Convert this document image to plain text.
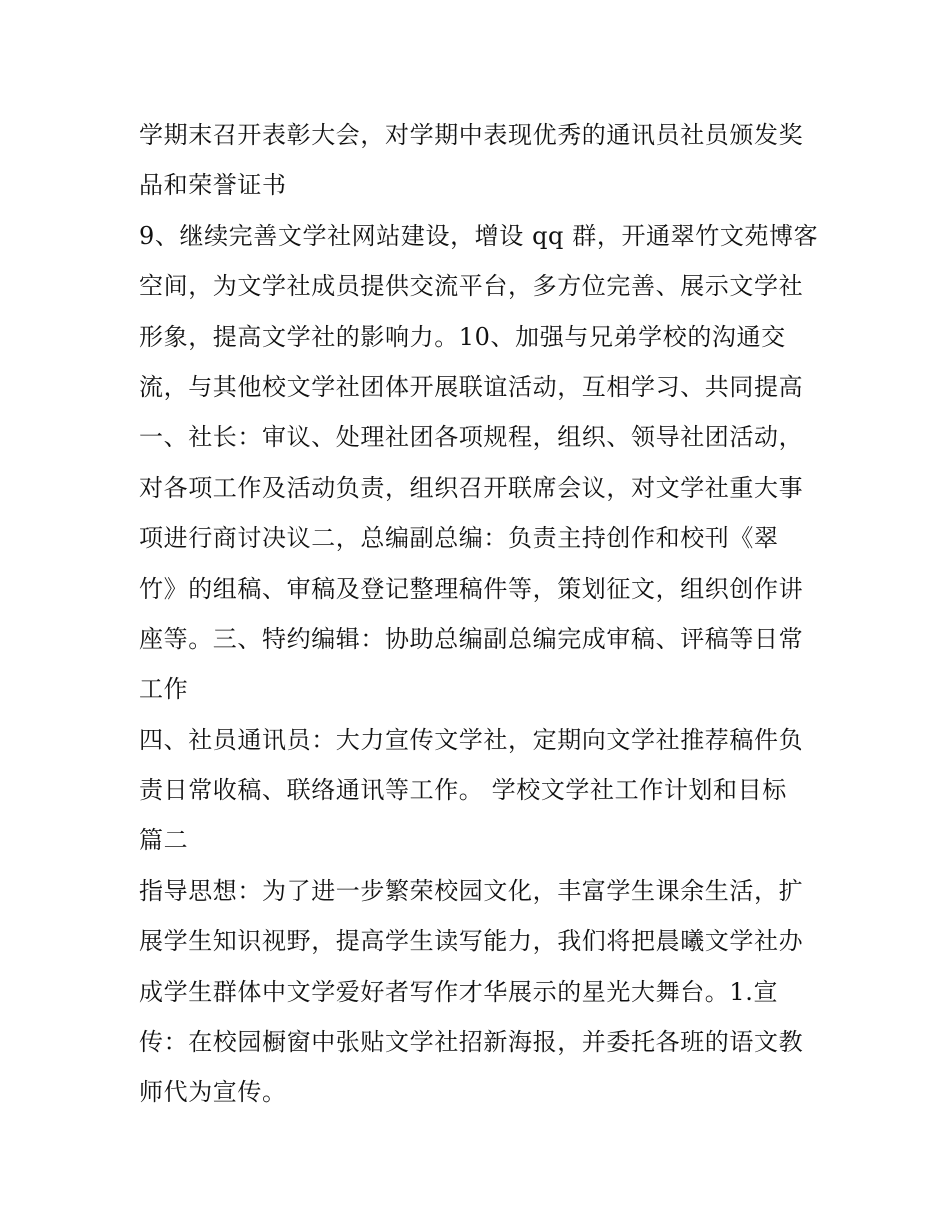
学期末召开表彰大会，对学期中表现优秀的通讯员社员颁发奖
品和荣誉证书
9、继续完善文学社网站建设，增设 qq 群，开通翠竹文苑博客
空间，为文学社成员提供交流平台，多方位完善、展示文学社
形象，提高文学社的影响力。10、加强与兄弟学校的沟通交
流，与其他校文学社团体开展联谊活动，互相学习、共同提高
一、社长：审议、处理社团各项规程，组织、领导社团活动，
对各项工作及活动负责，组织召开联席会议，对文学社重大事
项进行商讨决议二，总编副总编：负责主持创作和校刊《翠
竹》的组稿、审稿及登记整理稿件等，策划征文，组织创作讲
座等。三、特约编辑：协助总编副总编完成审稿、评稿等日常
工作
四、社员通讯员：大力宣传文学社，定期向文学社推荐稿件负
责日常收稿、联络通讯等工作。 学校文学社工作计划和目标
篇二
指导思想：为了进一步繁荣校园文化，丰富学生课余生活，扩
展学生知识视野，提高学生读写能力，我们将把晨曦文学社办
成学生群体中文学爱好者写作才华展示的星光大舞台。1.宣
传：在校园橱窗中张贴文学社招新海报，并委托各班的语文教
师代为宣传。
